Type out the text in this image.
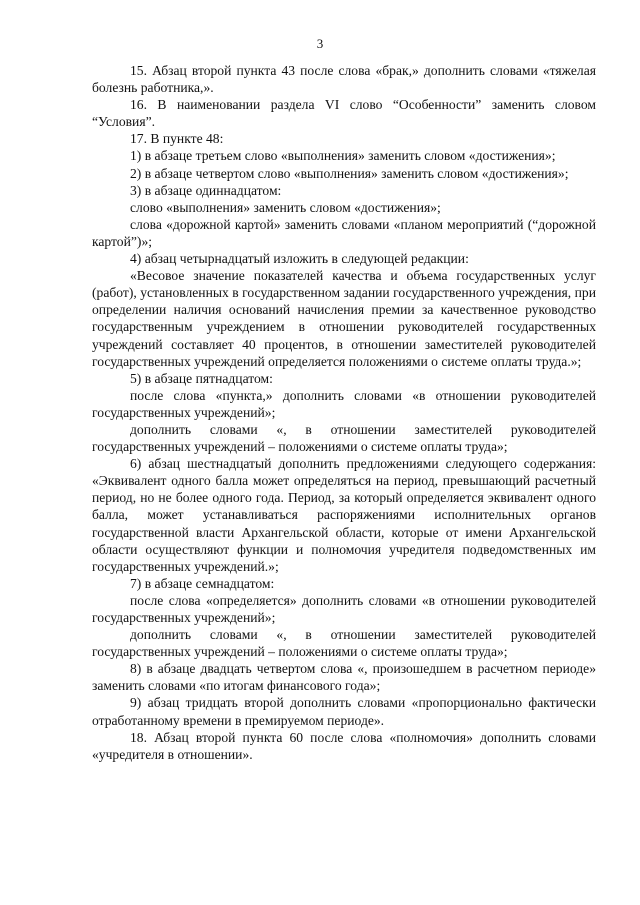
3

15. Абзац второй пункта 43 после слова «брак,» дополнить словами «тяжелая болезнь работника,».

16. В наименовании раздела VI слово “Особенности” заменить словом “Условия”.

17. В пункте 48:

1) в абзаце третьем слово «выполнения» заменить словом «достижения»;

2) в абзаце четвертом слово «выполнения» заменить словом «достижения»;

3) в абзаце одиннадцатом:

слово «выполнения» заменить словом «достижения»;

слова «дорожной картой» заменить словами «планом мероприятий (“дорожной картой”)»;

4) абзац четырнадцатый изложить в следующей редакции:

«Весовое значение показателей качества и объема государственных услуг (работ), установленных в государственном задании государственного учреждения, при определении наличия оснований начисления премии за качественное руководство государственным учреждением в отношении руководителей государственных учреждений составляет 40 процентов, в отношении заместителей руководителей государственных учреждений определяется положениями о системе оплаты труда.»;

5) в абзаце пятнадцатом:

после слова «пункта,» дополнить словами «в отношении руководителей государственных учреждений»;

дополнить словами «, в отношении заместителей руководителей государственных учреждений – положениями о системе оплаты труда»;

6) абзац шестнадцатый дополнить предложениями следующего содержания: «Эквивалент одного балла может определяться на период, превышающий расчетный период, но не более одного года. Период, за который определяется эквивалент одного балла, может устанавливаться распоряжениями исполнительных органов государственной власти Архангельской области, которые от имени Архангельской области осуществляют функции и полномочия учредителя подведомственных им государственных учреждений.»;

7) в абзаце семнадцатом:

после слова «определяется» дополнить словами «в отношении руководителей государственных учреждений»;

дополнить словами «, в отношении заместителей руководителей государственных учреждений – положениями о системе оплаты труда»;

8) в абзаце двадцать четвертом слова «, произошедшем в расчетном периоде» заменить словами «по итогам финансового года»;

9) абзац тридцать второй дополнить словами «пропорционально фактически отработанному времени в премируемом периоде».

18. Абзац второй пункта 60 после слова «полномочия» дополнить словами «учредителя в отношении».
